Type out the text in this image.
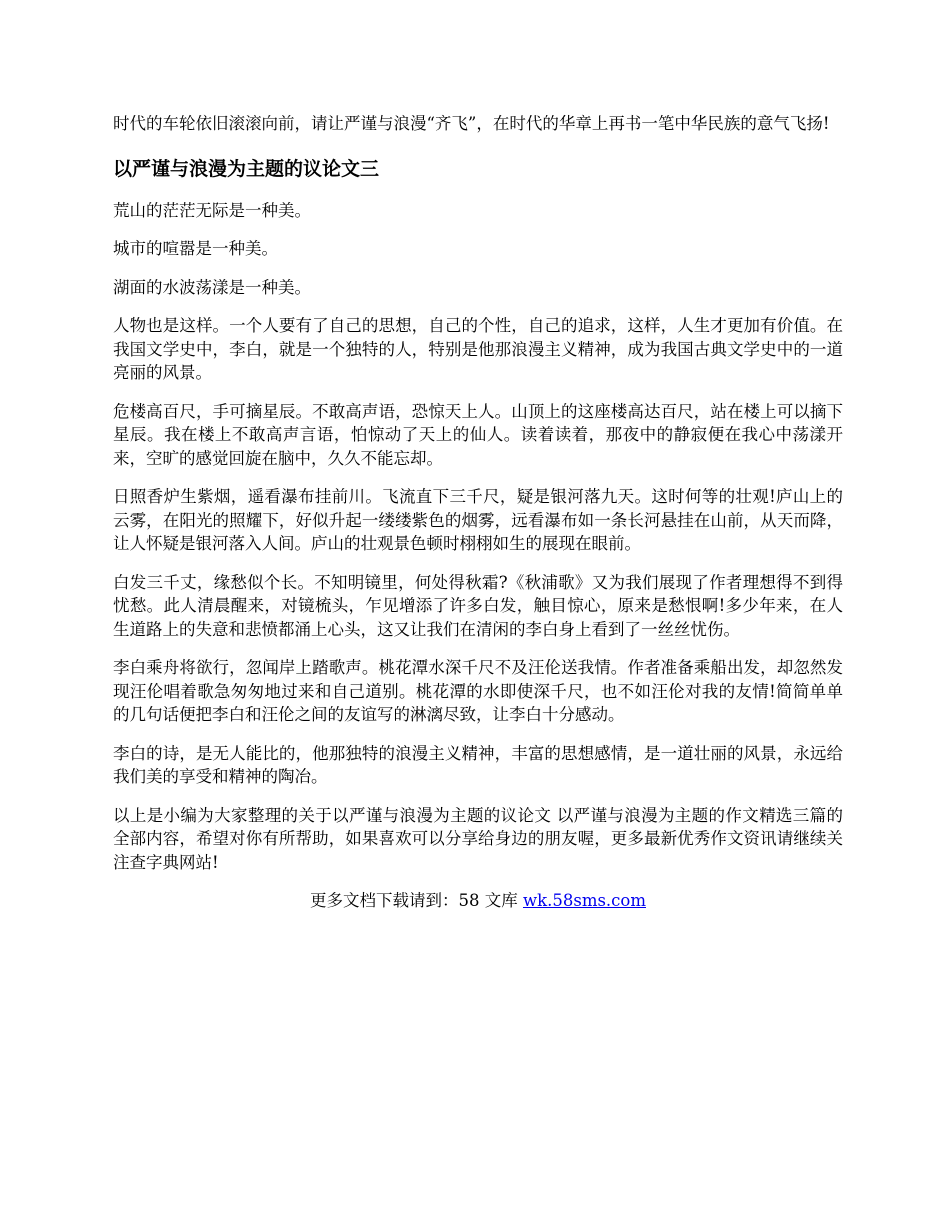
时代的车轮依旧滚滚向前，请让严谨与浪漫“齐飞”，在时代的华章上再书一笔中华民族的意气飞扬!

以严谨与浪漫为主题的议论文三

荒山的茫茫无际是一种美。

城市的喧嚣是一种美。

湖面的水波荡漾是一种美。

人物也是这样。一个人要有了自己的思想，自己的个性，自己的追求，这样，人生才更加有价值。在我国文学史中，李白，就是一个独特的人，特别是他那浪漫主义精神，成为我国古典文学史中的一道亮丽的风景。

危楼高百尺，手可摘星辰。不敢高声语，恐惊天上人。山顶上的这座楼高达百尺，站在楼上可以摘下星辰。我在楼上不敢高声言语，怕惊动了天上的仙人。读着读着，那夜中的静寂便在我心中荡漾开来，空旷的感觉回旋在脑中，久久不能忘却。

日照香炉生紫烟，遥看瀑布挂前川。飞流直下三千尺，疑是银河落九天。这时何等的壮观!庐山上的云雾，在阳光的照耀下，好似升起一缕缕紫色的烟雾，远看瀑布如一条长河悬挂在山前，从天而降，让人怀疑是银河落入人间。庐山的壮观景色顿时栩栩如生的展现在眼前。

白发三千丈，缘愁似个长。不知明镜里，何处得秋霜?《秋浦歌》又为我们展现了作者理想得不到得忧愁。此人清晨醒来，对镜梳头，乍见增添了许多白发，触目惊心，原来是愁恨啊!多少年来，在人生道路上的失意和悲愤都涌上心头，这又让我们在清闲的李白身上看到了一丝丝忧伤。

李白乘舟将欲行，忽闻岸上踏歌声。桃花潭水深千尺不及汪伦送我情。作者准备乘船出发，却忽然发现汪伦唱着歌急匆匆地过来和自己道别。桃花潭的水即使深千尺，也不如汪伦对我的友情!简简单单的几句话便把李白和汪伦之间的友谊写的淋漓尽致，让李白十分感动。

李白的诗，是无人能比的，他那独特的浪漫主义精神，丰富的思想感情，是一道壮丽的风景，永远给我们美的享受和精神的陶冶。

以上是小编为大家整理的关于以严谨与浪漫为主题的议论文 以严谨与浪漫为主题的作文精选三篇的全部内容，希望对你有所帮助，如果喜欢可以分享给身边的朋友喔，更多最新优秀作文资讯请继续关注查字典网站!

更多文档下载请到：58 文库 wk.58sms.com
